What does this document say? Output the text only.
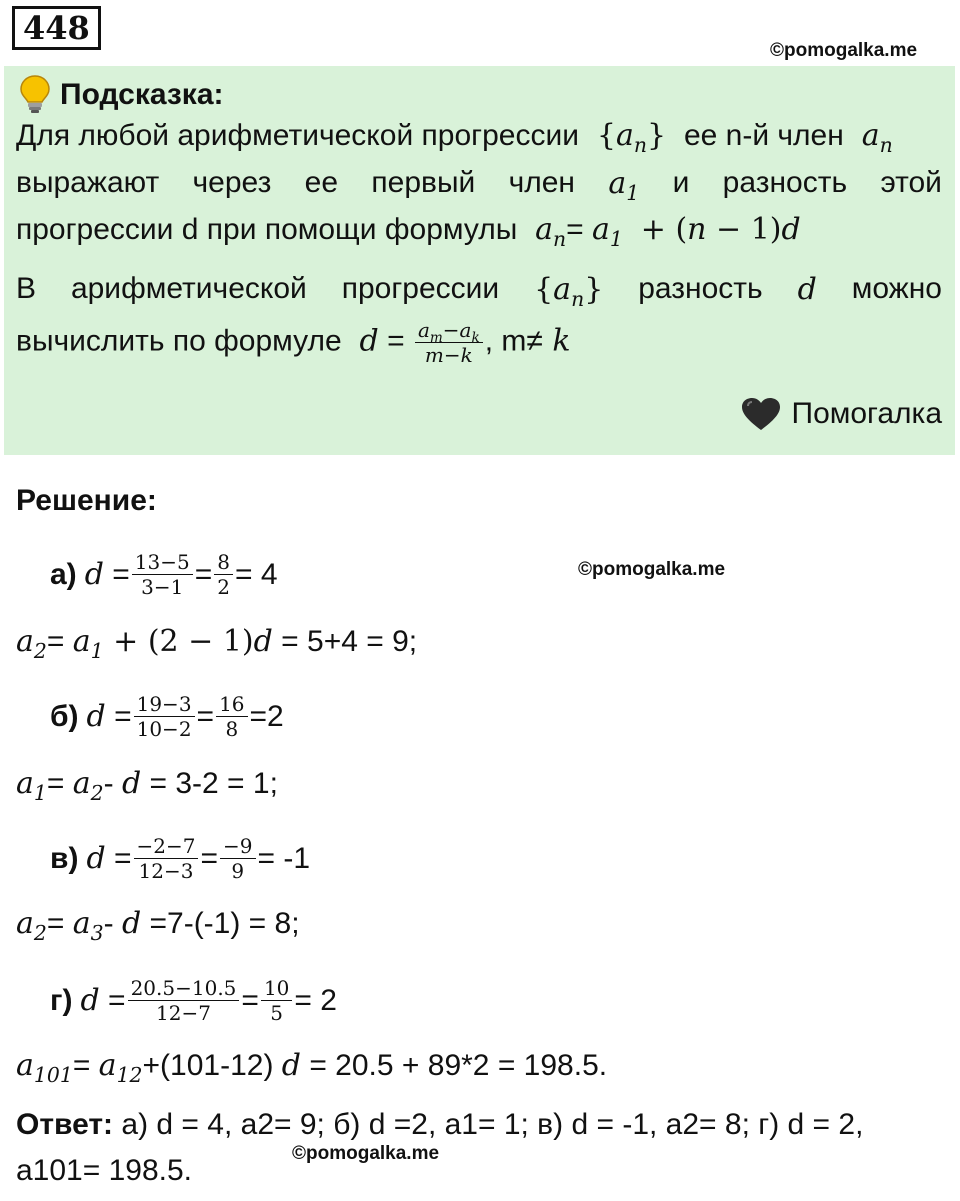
448
©pomogalka.me
Подсказка:
Для любой арифметической прогрессии  $\{a_n\}$  ее n-й член  $a_n$
выражают через ее первый член $a_1$ и разность этой
прогрессии d при помощи формулы  $a_n= a_1 + (n - 1)d$
В арифметической прогрессии $\{a_n\}$ разность d можно
вычислить по формуле  $d = \frac{a_m-a_k}{m-k}$ , m≠ k
Помогалка
Решение:
©pomogalka.me
а) $d = \frac{13-5}{3-1} = \frac{8}{2} = 4$
$a_2 = a_1 + (2 - 1)$ d
= 5+4 = 9;
б) $d = \frac{19-3}{10-2} = \frac{16}{8} =2$
$a_1 = a_2 - d$
= 3-2 = 1;
в) $d = \frac{-2-7}{12-3} = \frac{-9}{9} = -1$
$a_2 = a_3 - d$
=7-(-1) = 8;
г) $d = \frac{20.5-10.5}{12-7} = \frac{10}{5} = 2$
$a_{101} = a_{12} +(101-12)$ d
= 20.5 + 89*2 = 198.5.
Ответ:
а) d = 4, a2= 9; б) d =2, a1= 1; в) d = -1, a2= 8; г) d = 2,
a101= 198.5.
©pomogalka.me
